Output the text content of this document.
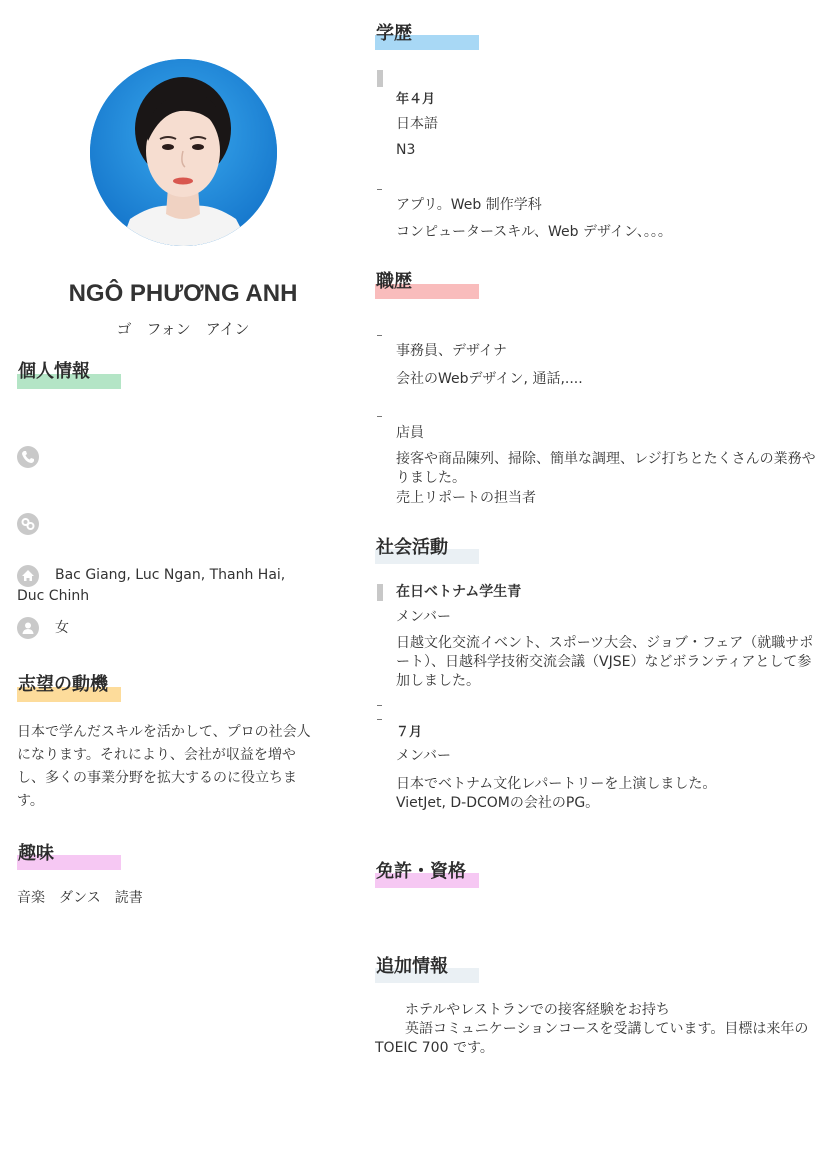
NGÔ PHƯƠNG ANH
ゴ　フォン　アイン
個人情報
Bac Giang, Luc Ngan, Thanh Hai, Duc Chinh
女
志望の動機
日本で学んだスキルを活かして、プロの社会人になります。それにより、会社が収益を増やし、多くの事業分野を拡大するのに役立ちます。
趣味
音楽　ダンス　読書
学歴
年４月
日本語
N3
アプリ。Web 制作学科
コンピュータースキル、Web デザイン、。。。
職歴
事務員、デザイナ
会社のWebデザイン, 通話,....
店員
接客や商品陳列、掃除、簡単な調理、レジ打ちとたくさんの業務やりました。
売上リポートの担当者
社会活動
在日ベトナム学生青
メンバー
日越文化交流イベント、スポーツ大会、ジョブ・フェア（就職サポート）、日越科学技術交流会議（VJSE）などボランティアとして参加しました。
７月
メンバー
日本でベトナム文化レパートリーを上演しました。
VietJet, D-DCOMの会社のPG。
免許・資格
追加情報
ホテルやレストランでの接客経験をお持ち
英語コミュニケーションコースを受講しています。目標は来年の TOEIC 700 です。
